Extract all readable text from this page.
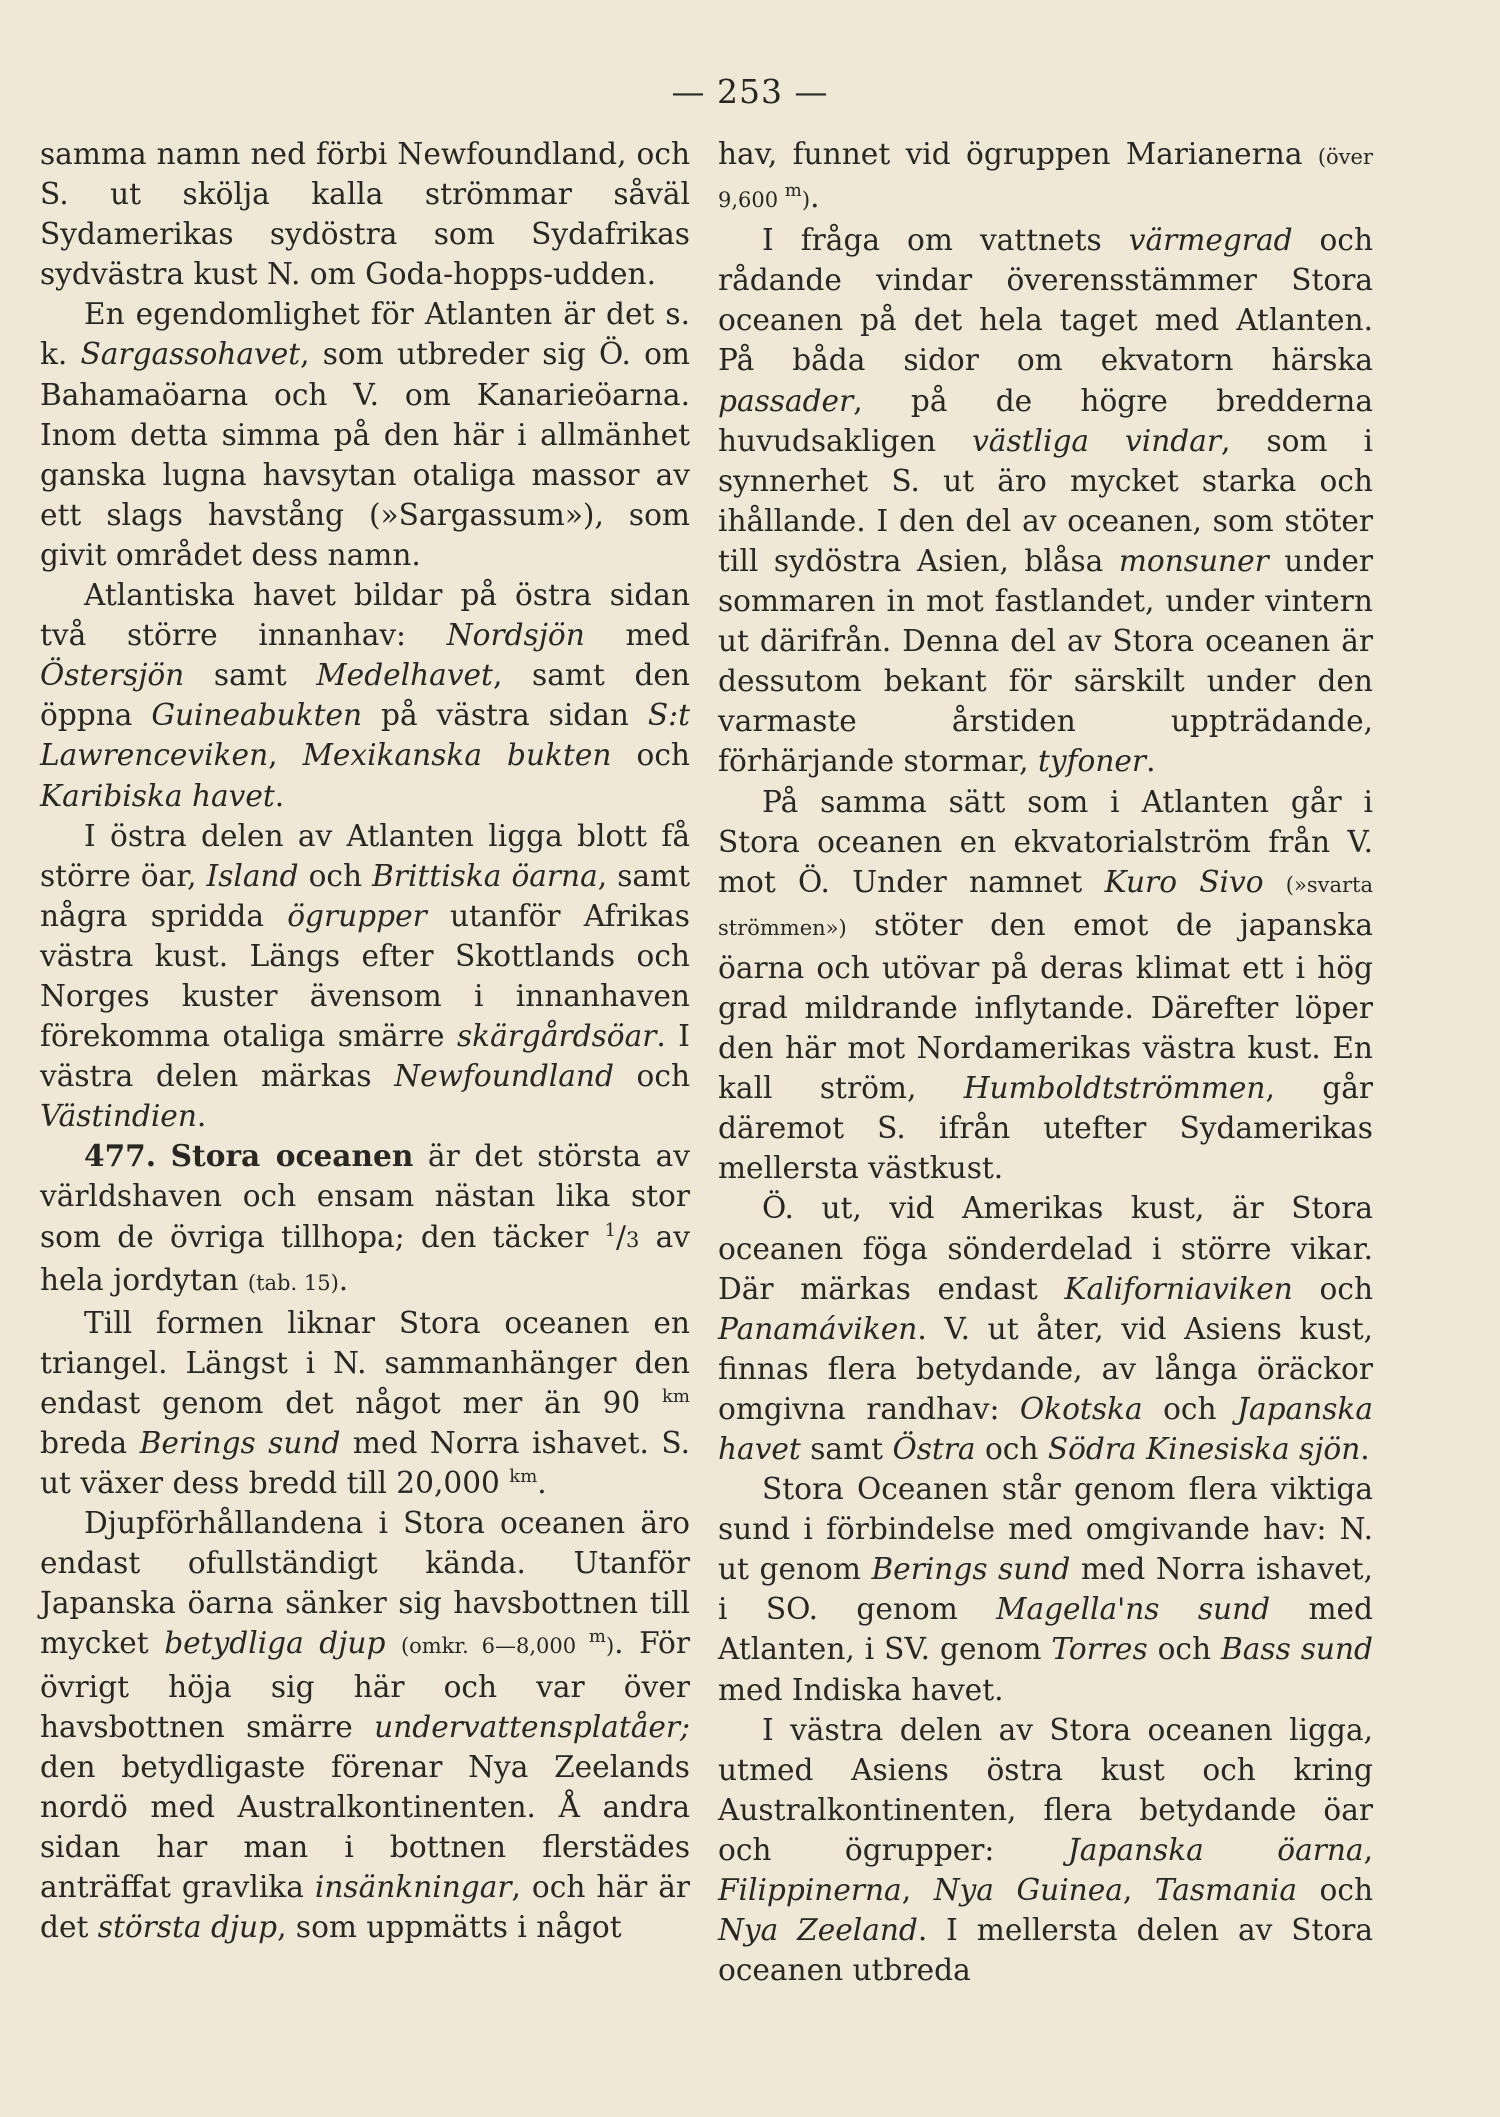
— 253 —

samma namn ned förbi Newfoundland, och S. ut skölja kalla strömmar såväl Sydamerikas sydöstra som Sydafrikas sydvästra kust N. om Goda-hopps-udden.

En egendomlighet för Atlanten är det s. k. Sargassohavet, som utbreder sig Ö. om Bahamaöarna och V. om Kanarieöarna. Inom detta simma på den här i allmänhet ganska lugna havsytan otaliga massor av ett slags havstång (»Sargassum»), som givit området dess namn.

Atlantiska havet bildar på östra sidan två större innanhav: Nordsjön med Östersjön samt Medelhavet, samt den öppna Guineabukten på västra sidan S:t Lawrenceviken, Mexikanska bukten och Karibiska havet.

I östra delen av Atlanten ligga blott få större öar, Island och Brittiska öarna, samt några spridda ögrupper utanför Afrikas västra kust. Längs efter Skottlands och Norges kuster ävensom i innanhaven förekomma otaliga smärre skärgårdsöar. I västra delen märkas Newfoundland och Västindien.

477. Stora oceanen är det största av världshaven och ensam nästan lika stor som de övriga tillhopa; den täcker $^1$/3 av hela jordytan (tab. 15).

Till formen liknar Stora oceanen en triangel. Längst i N. sammanhänger den endast genom det något mer än 90 $^{km}$ breda Berings sund med Norra ishavet. S. ut växer dess bredd till 20,000 $^{km}$.

Djupförhållandena i Stora oceanen äro endast ofullständigt kända. Utanför Japanska öarna sänker sig havsbottnen till mycket betydliga djup (omkr. 6—8,000 $^m$). För övrigt höja sig här och var över havsbottnen smärre undervattensplatåer; den betydligaste förenar Nya Zeelands nordö med Australkontinenten. Å andra sidan har man i bottnen flerstädes anträffat gravlika insänkningar, och här är det största djup, som uppmätts i något

hav, funnet vid ögruppen Marianerna (över 9,600 $^m$).

I fråga om vattnets värmegrad och rådande vindar överensstämmer Stora oceanen på det hela taget med Atlanten. På båda sidor om ekvatorn härska passader, på de högre bredderna huvudsakligen västliga vindar, som i synnerhet S. ut äro mycket starka och ihållande. I den del av oceanen, som stöter till sydöstra Asien, blåsa monsuner under sommaren in mot fastlandet, under vintern ut därifrån. Denna del av Stora oceanen är dessutom bekant för särskilt under den varmaste årstiden uppträdande, förhärjande stormar, tyfoner.

På samma sätt som i Atlanten går i Stora oceanen en ekvatorialström från V. mot Ö. Under namnet Kuro Sivo (»svarta strömmen») stöter den emot de japanska öarna och utövar på deras klimat ett i hög grad mildrande inflytande. Därefter löper den här mot Nordamerikas västra kust. En kall ström, Humboldtströmmen, går däremot S. ifrån utefter Sydamerikas mellersta västkust.

Ö. ut, vid Amerikas kust, är Stora oceanen föga sönderdelad i större vikar. Där märkas endast Kaliforniaviken och Panamáviken. V. ut åter, vid Asiens kust, finnas flera betydande, av långa öräckor omgivna randhav: Okotska och Japanska havet samt Östra och Södra Kinesiska sjön.

Stora Oceanen står genom flera viktiga sund i förbindelse med omgivande hav: N. ut genom Berings sund med Norra ishavet, i SO. genom Magella'ns sund med Atlanten, i SV. genom Torres och Bass sund med Indiska havet.

I västra delen av Stora oceanen ligga, utmed Asiens östra kust och kring Australkontinenten, flera betydande öar och ögrupper: Japanska öarna, Filippinerna, Nya Guinea, Tasmania och Nya Zeeland. I mellersta delen av Stora oceanen utbreda
